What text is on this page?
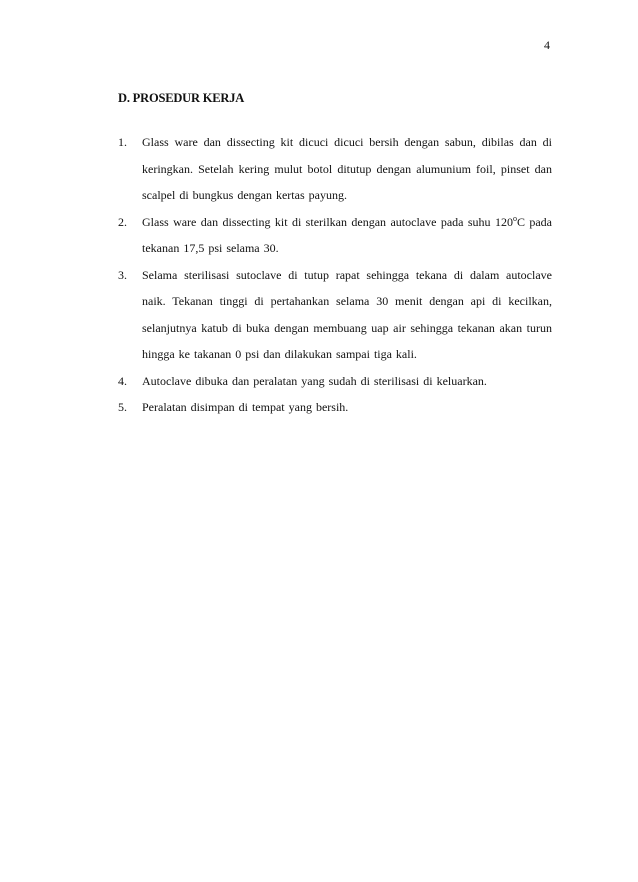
4
D. PROSEDUR KERJA
1. Glass ware dan dissecting kit dicuci dicuci bersih dengan sabun, dibilas dan di keringkan. Setelah kering mulut botol ditutup dengan alumunium foil, pinset dan scalpel di bungkus dengan kertas payung.
2. Glass ware dan dissecting kit di sterilkan dengan autoclave pada suhu 120$^o$C pada tekanan 17,5 psi selama 30.
3. Selama sterilisasi sutoclave di tutup rapat sehingga tekana di dalam autoclave naik. Tekanan tinggi di pertahankan selama 30 menit dengan api di kecilkan, selanjutnya katub di buka dengan membuang uap air sehingga tekanan akan turun hingga ke takanan 0 psi dan dilakukan sampai tiga kali.
4. Autoclave dibuka dan peralatan yang sudah di sterilisasi di keluarkan.
5. Peralatan disimpan di tempat yang bersih.
